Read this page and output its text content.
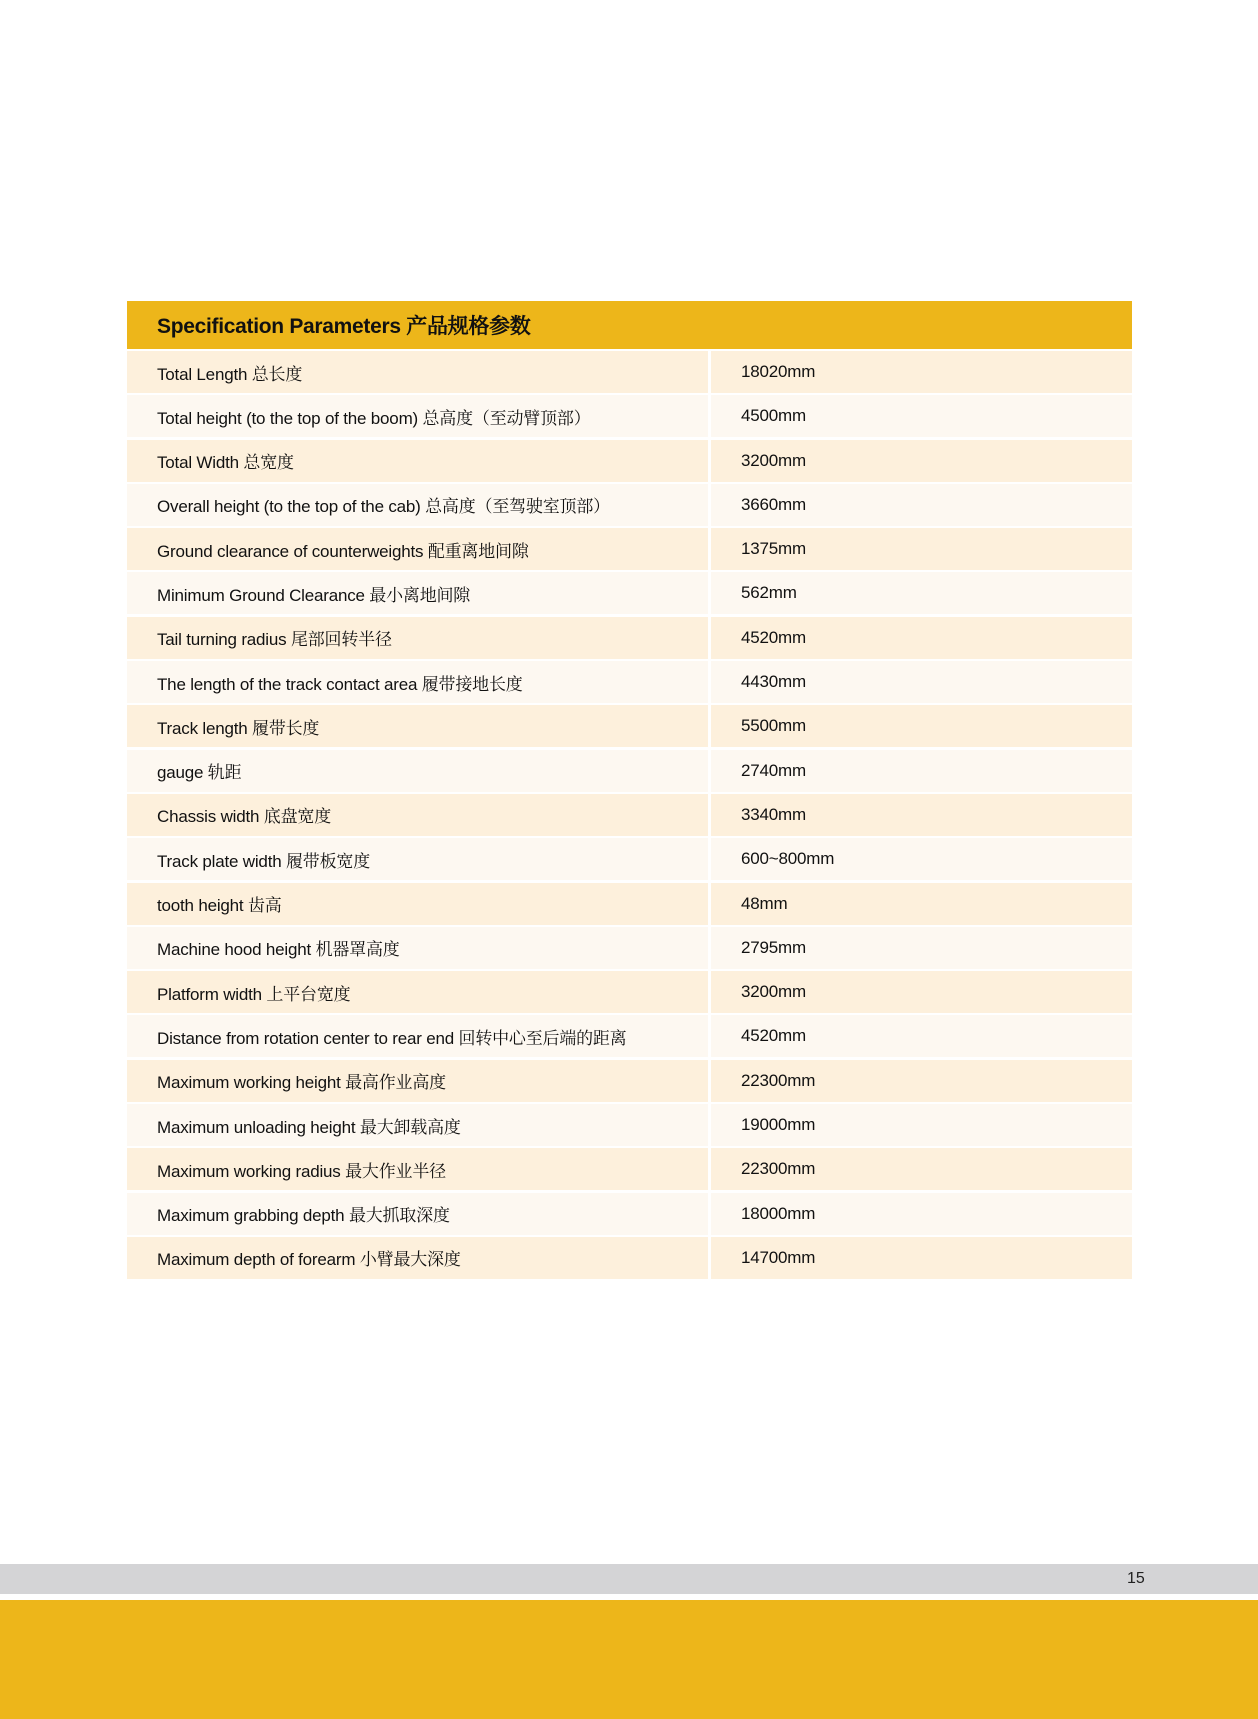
Specification Parameters 产品规格参数
Total Length 总长度	18020mm
Total height (to the top of the boom) 总高度（至动臂顶部）	4500mm
Total Width 总宽度	3200mm
Overall height (to the top of the cab) 总高度（至驾驶室顶部）	3660mm
Ground clearance of counterweights 配重离地间隙	1375mm
Minimum Ground Clearance 最小离地间隙	562mm
Tail turning radius 尾部回转半径	4520mm
The length of the track contact area 履带接地长度	4430mm
Track length 履带长度	5500mm
gauge 轨距	2740mm
Chassis width 底盘宽度	3340mm
Track plate width 履带板宽度	600~800mm
tooth height 齿高	48mm
Machine hood height 机器罩高度	2795mm
Platform width 上平台宽度	3200mm
Distance from rotation center to rear end 回转中心至后端的距离	4520mm
Maximum working height 最高作业高度	22300mm
Maximum unloading height 最大卸载高度	19000mm
Maximum working radius 最大作业半径	22300mm
Maximum grabbing depth 最大抓取深度	18000mm
Maximum depth of forearm 小臂最大深度	14700mm
15
